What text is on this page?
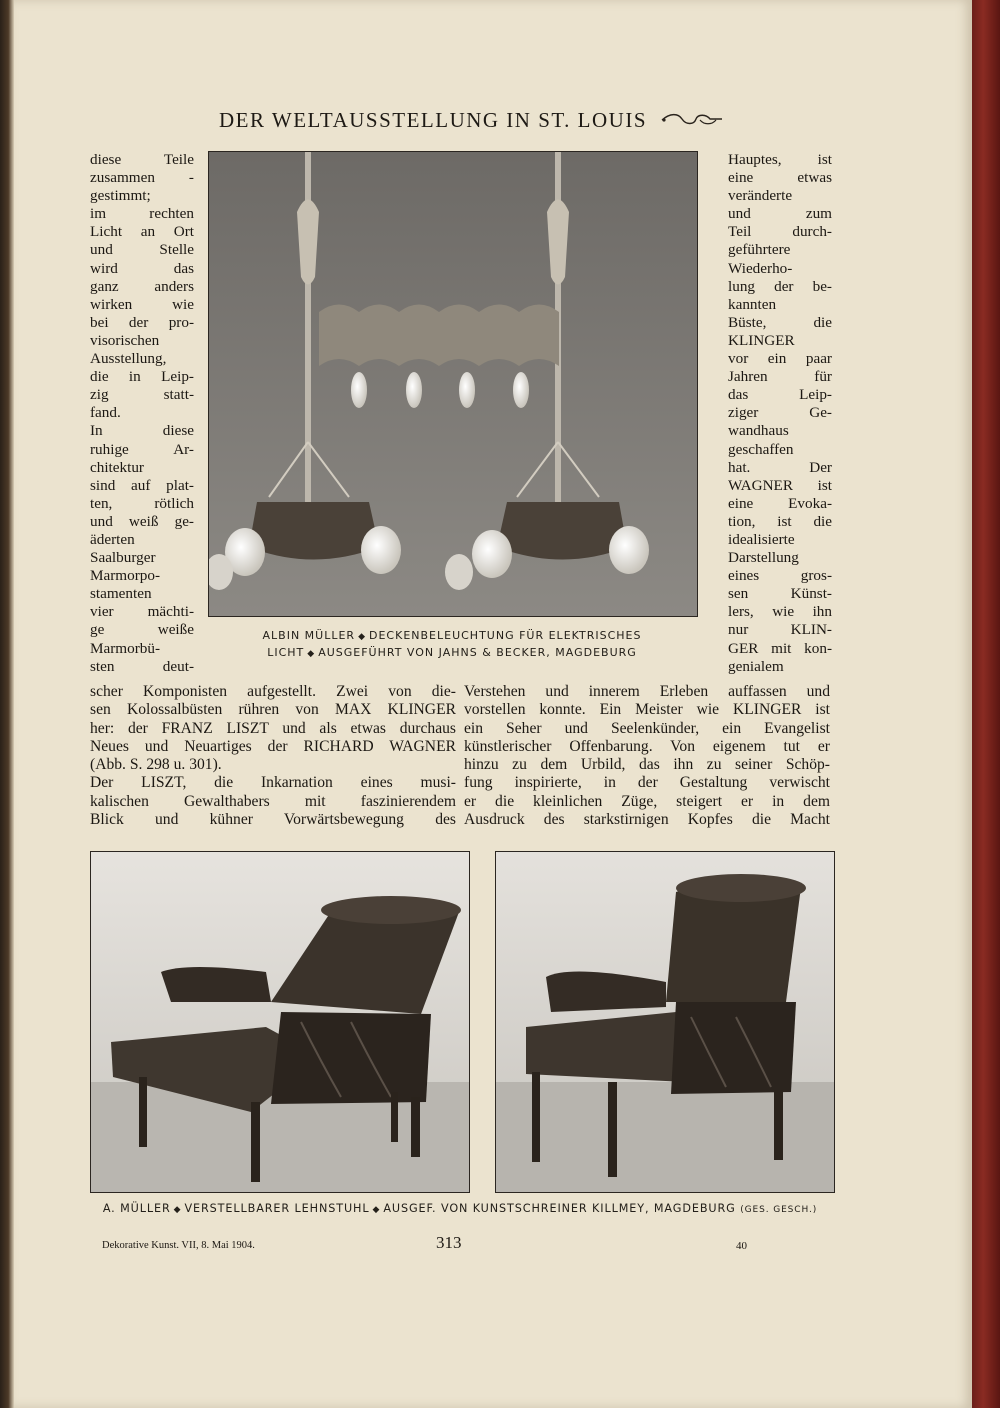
DER WELTAUSSTELLUNG IN ST. LOUIS
diese Teile
zusammen -
gestimmt;
im rechten
Licht an Ort
und Stelle
wird das
ganz anders
wirken wie
bei der pro-
visorischen
Ausstellung,
die in Leip-
zig statt-
fand.
In diese
ruhige Ar-
chitektur
sind auf plat-
ten, rötlich
und weiß ge-
äderten
Saalburger
Marmorpo-
stamenten
vier mächti-
ge weiße
Marmorbü-
sten deut-
Hauptes, ist
eine etwas
veränderte
und zum
Teil durch-
geführtere
Wiederho-
lung der be-
kannten
Büste, die
KLINGER
vor ein paar
Jahren für
das Leip-
ziger Ge-
wandhaus
geschaffen
hat. Der
WAGNER ist
eine Evoka-
tion, ist die
idealisierte
Darstellung
eines gros-
sen Künst-
lers, wie ihn
nur KLIN-
GER mit kon-
genialem
ALBIN MÜLLER ◆ DECKENBELEUCHTUNG FÜR ELEKTRISCHES
LICHT ◆ AUSGEFÜHRT VON JAHNS & BECKER, MAGDEBURG
scher Komponisten aufgestellt. Zwei von die-
sen Kolossalbüsten rühren von MAX KLINGER
her: der FRANZ LISZT und als etwas durchaus
Neues und Neuartiges der RICHARD WAGNER
(Abb. S. 298 u. 301).
Der LISZT, die Inkarnation eines musi-
kalischen Gewalthabers mit faszinierendem
Blick und kühner Vorwärtsbewegung des
Verstehen und innerem Erleben auffassen und
vorstellen konnte. Ein Meister wie KLINGER ist
ein Seher und Seelenkünder, ein Evangelist
künstlerischer Offenbarung. Von eigenem tut er
hinzu zu dem Urbild, das ihn zu seiner Schöp-
fung inspirierte, in der Gestaltung verwischt
er die kleinlichen Züge, steigert er in dem
Ausdruck des starkstirnigen Kopfes die Macht
A. MÜLLER ◆ VERSTELLBARER LEHNSTUHL ◆ AUSGEF. VON KUNSTSCHREINER KILLMEY, MAGDEBURG (GES. GESCH.)
Dekorative Kunst. VII, 8. Mai 1904.	313	40
